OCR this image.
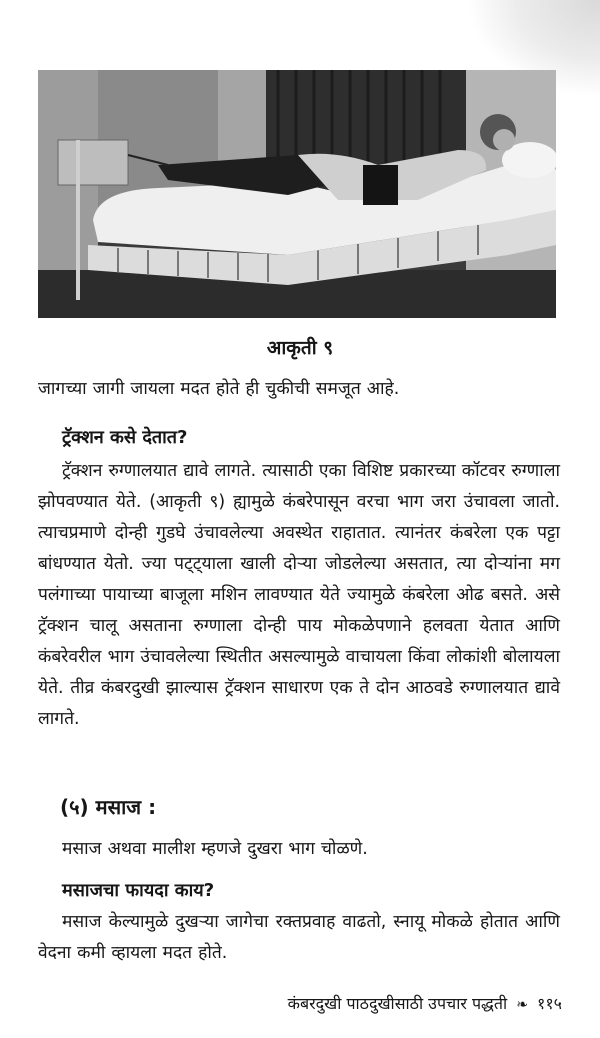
आकृती ९

जागच्या जागी जायला मदत होते ही चुकीची समजूत आहे.

ट्रॅक्शन कसे देतात?

ट्रॅक्शन रुग्णालयात द्यावे लागते. त्यासाठी एका विशिष्ट प्रकारच्या कॉटवर रुग्णाला झोपवण्यात येते. (आकृती ९) ह्यामुळे कंबरेपासून वरचा भाग जरा उंचावला जातो. त्याचप्रमाणे दोन्ही गुडघे उंचावलेल्या अवस्थेत राहातात. त्यानंतर कंबरेला एक पट्टा बांधण्यात येतो. ज्या पट्ट्याला खाली दोऱ्या जोडलेल्या असतात, त्या दोऱ्यांना मग पलंगाच्या पायाच्या बाजूला मशिन लावण्यात येते ज्यामुळे कंबरेला ओढ बसते. असे ट्रॅक्शन चालू असताना रुग्णाला दोन्ही पाय मोकळेपणाने हलवता येतात आणि कंबरेवरील भाग उंचावलेल्या स्थितीत असल्यामुळे वाचायला किंवा लोकांशी बोलायला येते. तीव्र कंबरदुखी झाल्यास ट्रॅक्शन साधारण एक ते दोन आठवडे रुग्णालयात द्यावे लागते.

(५) मसाज :

मसाज अथवा मालीश म्हणजे दुखरा भाग चोळणे.

मसाजचा फायदा काय?

मसाज केल्यामुळे दुखऱ्या जागेचा रक्तप्रवाह वाढतो, स्नायू मोकळे होतात आणि वेदना कमी व्हायला मदत होते.

कंबरदुखी पाठदुखीसाठी उपचार पद्धती ❧ ११५
